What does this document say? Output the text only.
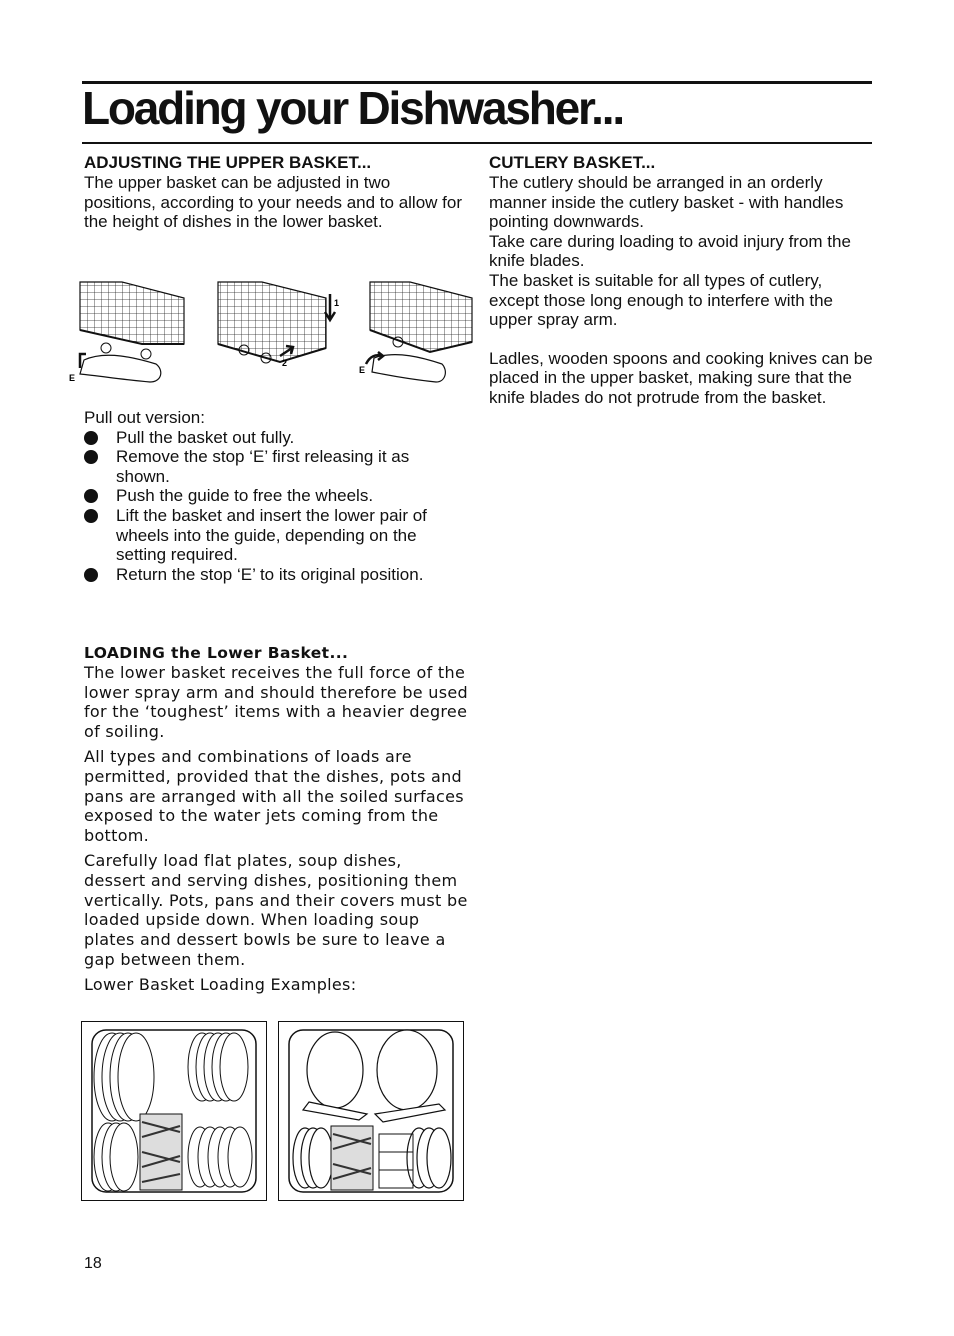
Loading your Dishwasher...
ADJUSTING THE UPPER BASKET...

The upper basket can be adjusted in two positions, according to your needs and to allow for the height of dishes in the lower basket.

E
1
2
E

Pull out version:

Pull the basket out fully.
Remove the stop ‘E’ first releasing it as shown.
Push the guide to free the wheels.
Lift the basket and insert the lower pair of wheels into the guide, depending on the setting required.
Return the stop ‘E’ to its original position.
LOADING the Lower Basket...

The lower basket receives the full force of the lower spray arm and should therefore be used for the ‘toughest’ items with a heavier degree of soiling.

All types and combinations of loads are permitted, provided that the dishes, pots and pans are arranged with all the soiled surfaces exposed to the water jets coming from the bottom.

Carefully load flat plates, soup dishes, dessert and serving dishes, positioning them vertically. Pots, pans and their covers must be loaded upside down. When loading soup plates and dessert bowls be sure to leave a gap between them.

Lower Basket Loading Examples:

CUTLERY BASKET...

The cutlery should be arranged in an orderly manner inside the cutlery basket - with handles pointing downwards.

Take care during loading to avoid injury from the knife blades.

The basket is suitable for all types of cutlery, except those long enough to interfere with the upper spray arm.

Ladles, wooden spoons and cooking knives can be placed in the upper basket, making sure that the knife blades do not protrude from the basket.

18
